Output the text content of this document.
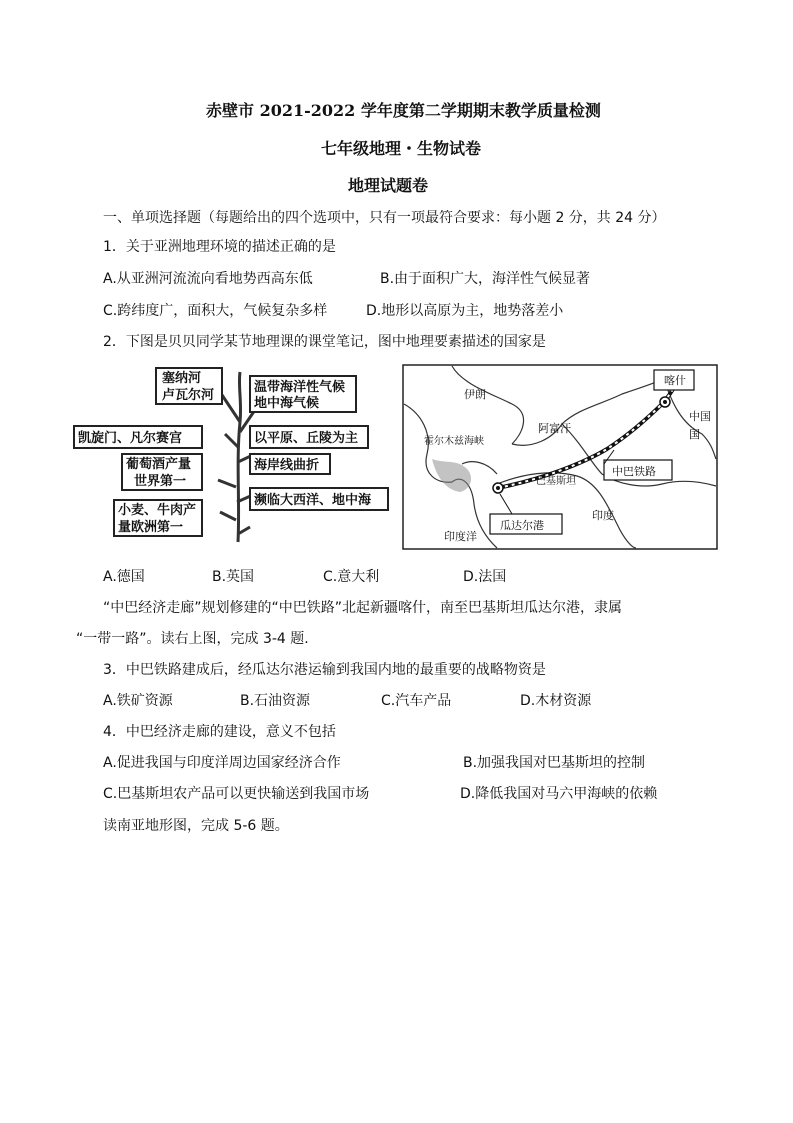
赤壁市 2021-2022 学年度第二学期期末教学质量检测
七年级地理・生物试卷
地理试题卷
一、单项选择题（每题给出的四个选项中，只有一项最符合要求：每小题 2 分，共 24 分）
1．关于亚洲地理环境的描述正确的是
A.从亚洲河流流向看地势西高东低	B.由于面积广大，海洋性气候显著
C.跨纬度广，面积大，气候复杂多样	D.地形以高原为主，地势落差小
2．下图是贝贝同学某节地理课的课堂笔记，图中地理要素描述的国家是
塞纳河
卢瓦尔河
温带海洋性气候
地中海气候
凯旋门、凡尔赛宫	以平原、丘陵为主
葡萄酒产量
世界第一
海岸线曲折
濒临大西洋、地中海
小麦、牛肉产
量欧洲第一
喀什
中国
伊朗
阿富汗
霍尔木兹海峡
巴基斯坦
中巴铁路
印度
印度洋
瓜达尔港
国
A.德国	B.英国	C.意大利	D.法国
“中巴经济走廊”规划修建的“中巴铁路”北起新疆喀什，南至巴基斯坦瓜达尔港，隶属
“一带一路”。读右上图，完成 3-4 题.
3．中巴铁路建成后，经瓜达尔港运输到我国内地的最重要的战略物资是
A.铁矿资源	B.石油资源	C.汽车产品	D.木材资源
4．中巴经济走廊的建设，意义不包括
A.促进我国与印度洋周边国家经济合作	B.加强我国对巴基斯坦的控制
C.巴基斯坦农产品可以更快输送到我国市场	D.降低我国对马六甲海峡的依赖
读南亚地形图，完成 5-6 题。
